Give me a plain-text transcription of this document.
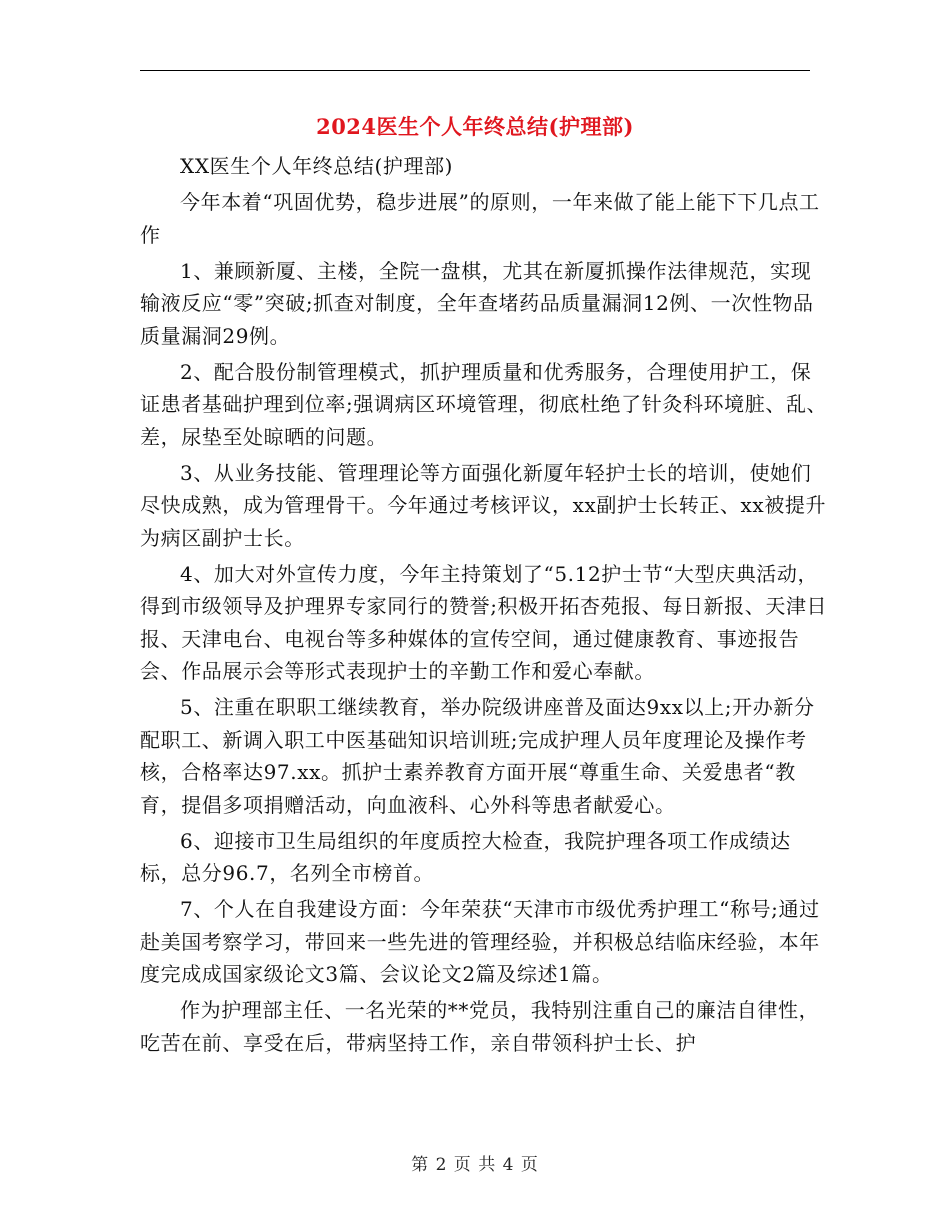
2024医生个人年终总结(护理部)

XX医生个人年终总结(护理部)

今年本着“巩固优势，稳步进展”的原则，一年来做了能上能下下几点工作

1、兼顾新厦、主楼，全院一盘棋，尤其在新厦抓操作法律规范，实现输液反应“零”突破;抓查对制度，全年查堵药品质量漏洞12例、一次性物品质量漏洞29例。

2、配合股份制管理模式，抓护理质量和优秀服务，合理使用护工，保证患者基础护理到位率;强调病区环境管理，彻底杜绝了针灸科环境脏、乱、差，尿垫至处晾晒的问题。

3、从业务技能、管理理论等方面强化新厦年轻护士长的培训，使她们尽快成熟，成为管理骨干。今年通过考核评议，xx副护士长转正、xx被提升为病区副护士长。

4、加大对外宣传力度，今年主持策划了“5.12护士节“大型庆典活动，得到市级领导及护理界专家同行的赞誉;积极开拓杏苑报、每日新报、天津日报、天津电台、电视台等多种媒体的宣传空间，通过健康教育、事迹报告会、作品展示会等形式表现护士的辛勤工作和爱心奉献。

5、注重在职职工继续教育，举办院级讲座普及面达9xx以上;开办新分配职工、新调入职工中医基础知识培训班;完成护理人员年度理论及操作考核，合格率达97.xx。抓护士素养教育方面开展“尊重生命、关爱患者“教育，提倡多项捐赠活动，向血液科、心外科等患者献爱心。

6、迎接市卫生局组织的年度质控大检查，我院护理各项工作成绩达标，总分96.7，名列全市榜首。

7、个人在自我建设方面：今年荣获“天津市市级优秀护理工“称号;通过赴美国考察学习，带回来一些先进的管理经验，并积极总结临床经验，本年度完成成国家级论文3篇、会议论文2篇及综述1篇。

作为护理部主任、一名光荣的**党员，我特别注重自己的廉洁自律性，吃苦在前、享受在后，带病坚持工作，亲自带领科护士长、护

第 2 页 共 4 页
